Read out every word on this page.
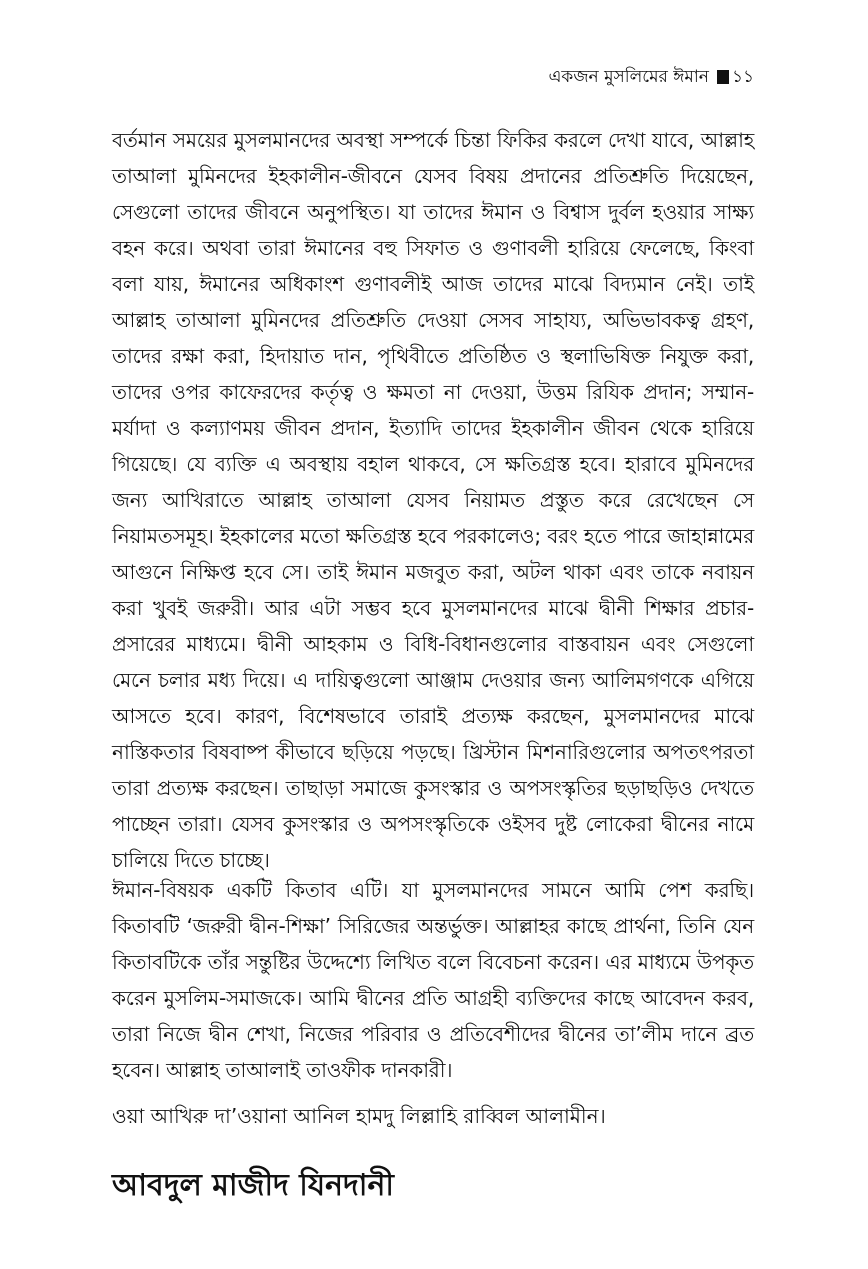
একজন মুসলিমের ঈমান ১১

বর্তমান সময়ের মুসলমানদের অবস্থা সম্পর্কে চিন্তা ফিকির করলে দেখা যাবে, আল্লাহ তাআলা মুমিনদের ইহকালীন-জীবনে যেসব বিষয় প্রদানের প্রতিশ্রুতি দিয়েছেন, সেগুলো তাদের জীবনে অনুপস্থিত। যা তাদের ঈমান ও বিশ্বাস দুর্বল হওয়ার সাক্ষ্য বহন করে। অথবা তারা ঈমানের বহু সিফাত ও গুণাবলী হারিয়ে ফেলেছে, কিংবা বলা যায়, ঈমানের অধিকাংশ গুণাবলীই আজ তাদের মাঝে বিদ্যমান নেই। তাই আল্লাহ তাআলা মুমিনদের প্রতিশ্রুতি দেওয়া সেসব সাহায্য, অভিভাবকত্ব গ্রহণ, তাদের রক্ষা করা, হিদায়াত দান, পৃথিবীতে প্রতিষ্ঠিত ও স্থলাভিষিক্ত নিযুক্ত করা, তাদের ওপর কাফেরদের কর্তৃত্ব ও ক্ষমতা না দেওয়া, উত্তম রিযিক প্রদান; সম্মান-মর্যাদা ও কল্যাণময় জীবন প্রদান, ইত্যাদি তাদের ইহকালীন জীবন থেকে হারিয়ে গিয়েছে। যে ব্যক্তি এ অবস্থায় বহাল থাকবে, সে ক্ষতিগ্রস্ত হবে। হারাবে মুমিনদের জন্য আখিরাতে আল্লাহ তাআলা যেসব নিয়ামত প্রস্তুত করে রেখেছেন সে নিয়ামতসমূহ। ইহকালের মতো ক্ষতিগ্রস্ত হবে পরকালেও; বরং হতে পারে জাহান্নামের আগুনে নিক্ষিপ্ত হবে সে। তাই ঈমান মজবুত করা, অটল থাকা এবং তাকে নবায়ন করা খুবই জরুরী। আর এটা সম্ভব হবে মুসলমানদের মাঝে দ্বীনী শিক্ষার প্রচার-প্রসারের মাধ্যমে। দ্বীনী আহকাম ও বিধি-বিধানগুলোর বাস্তবায়ন এবং সেগুলো মেনে চলার মধ্য দিয়ে। এ দায়িত্বগুলো আঞ্জাম দেওয়ার জন্য আলিমগণকে এগিয়ে আসতে হবে। কারণ, বিশেষভাবে তারাই প্রত্যক্ষ করছেন, মুসলমানদের মাঝে নাস্তিকতার বিষবাষ্প কীভাবে ছড়িয়ে পড়ছে। খ্রিস্টান মিশনারিগুলোর অপতৎপরতা তারা প্রত্যক্ষ করছেন। তাছাড়া সমাজে কুসংস্কার ও অপসংস্কৃতির ছড়াছড়িও দেখতে পাচ্ছেন তারা। যেসব কুসংস্কার ও অপসংস্কৃতিকে ওইসব দুষ্ট লোকেরা দ্বীনের নামে চালিয়ে দিতে চাচ্ছে।

ঈমান-বিষয়ক একটি কিতাব এটি। যা মুসলমানদের সামনে আমি পেশ করছি। কিতাবটি ‘জরুরী দ্বীন-শিক্ষা’ সিরিজের অন্তর্ভুক্ত। আল্লাহর কাছে প্রার্থনা, তিনি যেন কিতাবটিকে তাঁর সন্তুষ্টির উদ্দেশ্যে লিখিত বলে বিবেচনা করেন। এর মাধ্যমে উপকৃত করেন মুসলিম-সমাজকে। আমি দ্বীনের প্রতি আগ্রহী ব্যক্তিদের কাছে আবেদন করব, তারা নিজে দ্বীন শেখা, নিজের পরিবার ও প্রতিবেশীদের দ্বীনের তা’লীম দানে ব্রত হবেন। আল্লাহ তাআলাই তাওফীক দানকারী।

ওয়া আখিরু দা’ওয়ানা আনিল হামদু লিল্লাহি রাব্বিল আলামীন।

আবদুল মাজীদ যিনদানী
